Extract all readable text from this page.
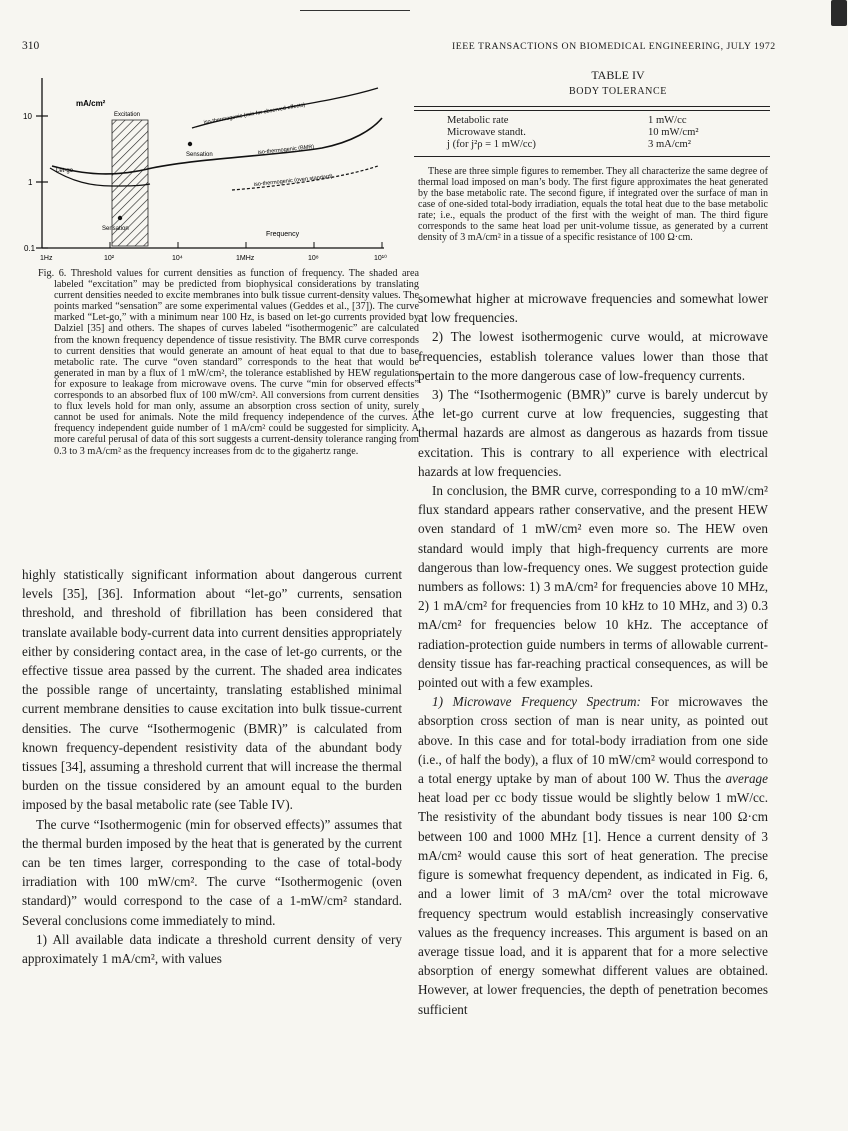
310	IEEE TRANSACTIONS ON BIOMEDICAL ENGINEERING, JULY 1972
mA/cm²
10
1
0.1
1Hz	10²	10⁴	1MHz	10⁸	10¹⁰
Frequency
Excitation
Sensation
Sensation
Let-go
iso-thermogenic (min for observed effects)
iso-thermogenic (BMR)
iso-thermogenic (oven standard)

Fig. 6. Threshold values for current densities as function of frequency. The shaded area labeled “excitation” may be predicted from biophysical considerations by translating current densities needed to excite membranes into bulk tissue current-density values. The points marked “sensation” are some experimental values (Geddes et al., [37]). The curve marked “Let-go,” with a minimum near 100 Hz, is based on let-go currents provided by Dalziel [35] and others. The shapes of curves labeled “isothermogenic” are calculated from the known frequency dependence of tissue resistivity. The BMR curve corresponds to current densities that would generate an amount of heat equal to that due to base metabolic rate. The curve “oven standard” corresponds to the heat that would be generated in man by a flux of 1 mW/cm², the tolerance established by HEW regulations for exposure to leakage from microwave ovens. The curve “min for observed effects” corresponds to an absorbed flux of 100 mW/cm². All conversions from current densities to flux levels hold for man only, assume an absorption cross section of unity, surely cannot be used for animals. Note the mild frequency independence of the curves. A frequency independent guide number of 1 mA/cm² could be suggested for simplicity. A more careful perusal of data of this sort suggests a current-density tolerance ranging from 0.3 to 3 mA/cm² as the frequency increases from dc to the gigahertz range.

TABLE IV
BODY TOLERANCE
Metabolic rate	1 mW/cc
Microwave standt.	10 mW/cm²
j (for j²ρ = 1 mW/cc)	3 mA/cm²

These are three simple figures to remember. They all characterize the same degree of thermal load imposed on man’s body. The first figure approximates the heat generated by the base metabolic rate. The second figure, if integrated over the surface of man in case of one-sided total-body irradiation, equals the total heat due to the base metabolic rate; i.e., equals the product of the first with the weight of man. The third figure corresponds to the same heat load per unit-volume tissue, as generated by a current density of 3 mA/cm² in a tissue of a specific resistance of 100 Ω·cm.

highly statistically significant information about dangerous current levels [35], [36]. Information about “let-go” currents, sensation threshold, and threshold of fibrillation has been considered that translate available body-current data into current densities appropriately either by considering contact area, in the case of let-go currents, or the effective tissue area passed by the current. The shaded area indicates the possible range of uncertainty, translating established minimal current membrane densities to cause excitation into bulk tissue-current densities. The curve “Isothermogenic (BMR)” is calculated from known frequency-dependent resistivity data of the abundant body tissues [34], assuming a threshold current that will increase the thermal burden on the tissue considered by an amount equal to the burden imposed by the basal metabolic rate (see Table IV).

The curve “Isothermogenic (min for observed effects)” assumes that the thermal burden imposed by the heat that is generated by the current can be ten times larger, corresponding to the case of total-body irradiation with 100 mW/cm². The curve “Isothermogenic (oven standard)” would correspond to the case of a 1-mW/cm² standard. Several conclusions come immediately to mind.

1) All available data indicate a threshold current density of very approximately 1 mA/cm², with values

somewhat higher at microwave frequencies and somewhat lower at low frequencies.

2) The lowest isothermogenic curve would, at microwave frequencies, establish tolerance values lower than those that pertain to the more dangerous case of low-frequency currents.

3) The “Isothermogenic (BMR)” curve is barely undercut by the let-go current curve at low frequencies, suggesting that thermal hazards are almost as dangerous as hazards from tissue excitation. This is contrary to all experience with electrical hazards at low frequencies.

In conclusion, the BMR curve, corresponding to a 10 mW/cm² flux standard appears rather conservative, and the present HEW oven standard of 1 mW/cm² even more so. The HEW oven standard would imply that high-frequency currents are more dangerous than low-frequency ones. We suggest protection guide numbers as follows: 1) 3 mA/cm² for frequencies above 10 MHz, 2) 1 mA/cm² for frequencies from 10 kHz to 10 MHz, and 3) 0.3 mA/cm² for frequencies below 10 kHz. The acceptance of radiation-protection guide numbers in terms of allowable current-density tissue has far-reaching practical consequences, as will be pointed out with a few examples.

1) Microwave Frequency Spectrum: For microwaves the absorption cross section of man is near unity, as pointed out above. In this case and for total-body irradiation from one side (i.e., of half the body), a flux of 10 mW/cm² would correspond to a total energy uptake by man of about 100 W. Thus the average heat load per cc body tissue would be slightly below 1 mW/cc. The resistivity of the abundant body tissues is near 100 Ω·cm between 100 and 1000 MHz [1]. Hence a current density of 3 mA/cm² would cause this sort of heat generation. The precise figure is somewhat frequency dependent, as indicated in Fig. 6, and a lower limit of 3 mA/cm² over the total microwave frequency spectrum would establish increasingly conservative values as the frequency increases. This argument is based on an average tissue load, and it is apparent that for a more selective absorption of energy somewhat different values are obtained. However, at lower frequencies, the depth of penetration becomes sufficient
